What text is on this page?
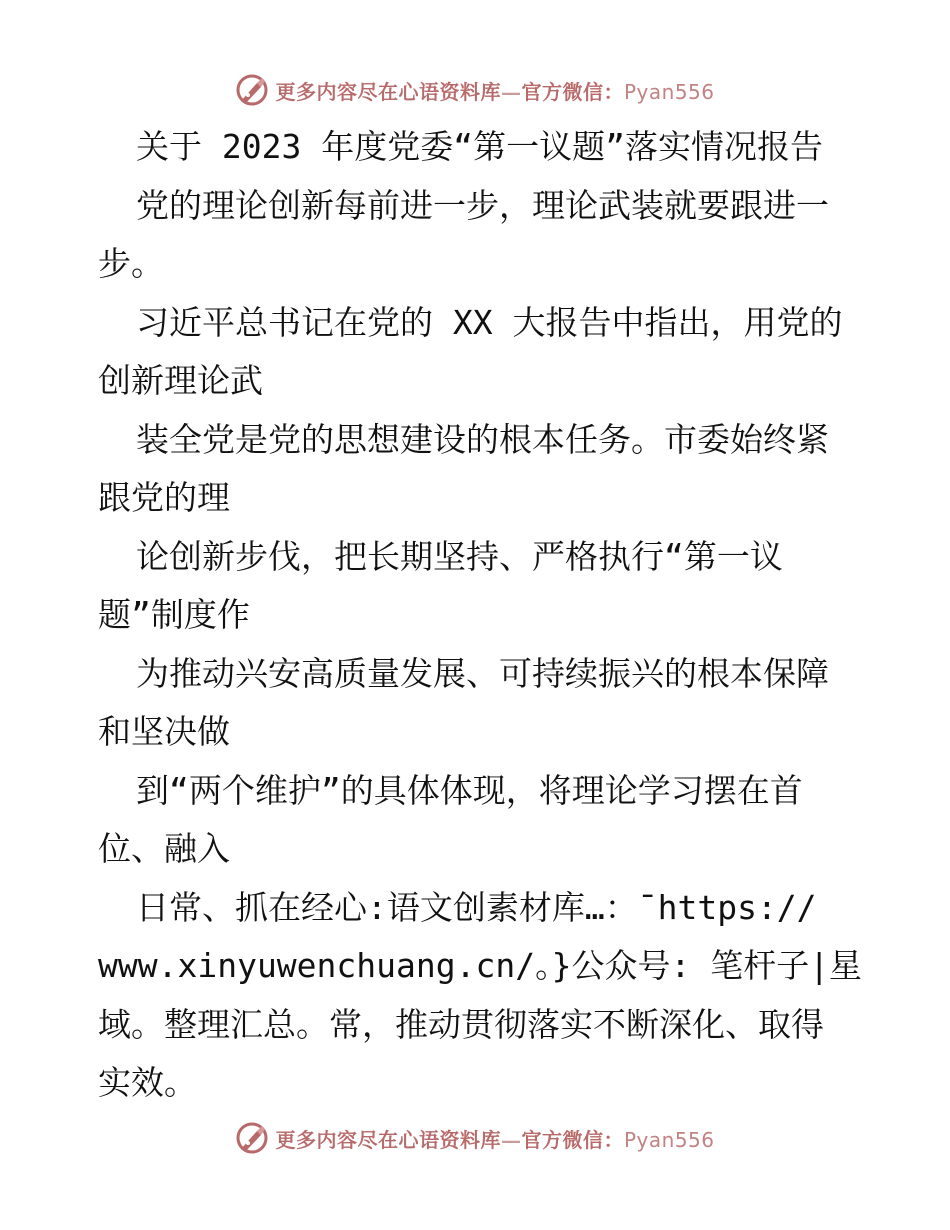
更多内容尽在心语资料库—官方微信：Pyan556
关于 2023 年度党委“第一议题”落实情况报告
党的理论创新每前进一步，理论武装就要跟进一
步。
习近平总书记在党的 XX 大报告中指出，用党的
创新理论武
装全党是党的思想建设的根本任务。市委始终紧
跟党的理
论创新步伐，把长期坚持、严格执行“第一议
题”制度作
为推动兴安高质量发展、可持续振兴的根本保障
和坚决做
到“两个维护”的具体体现，将理论学习摆在首
位、融入
日常、抓在经心:语文创素材库…：¯https://
www.xinyuwenchuang.cn/。}公众号: 笔杆子|星
域。整理汇总。常，推动贯彻落实不断深化、取得
实效。
更多内容尽在心语资料库—官方微信：Pyan556
